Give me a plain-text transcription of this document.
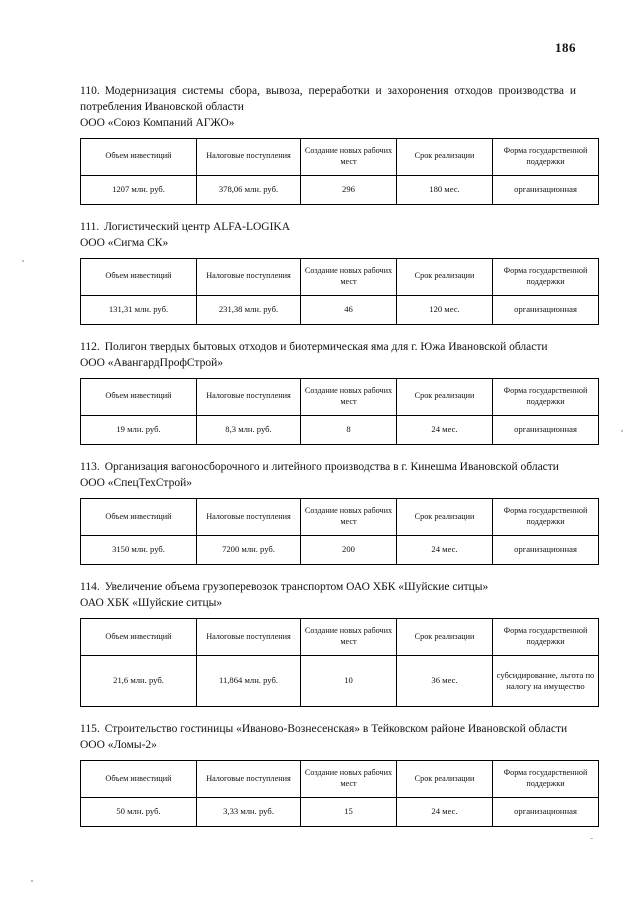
186

110. Модернизация системы сбора, вывоза, переработки и захоронения отходов производства и потребления Ивановской области

ООО «Союз Компаний АГЖО»
Объем инвестиций	Налоговые поступления	Создание новых рабочих мест	Срок реализации	Форма государственной поддержки
1207 млн. руб.	378,06 млн. руб.	296	180 мес.	организационная

111. Логистический центр ALFA-LOGIKA

ООО «Сигма СК»
Объем инвестиций	Налоговые поступления	Создание новых рабочих мест	Срок реализации	Форма государственной поддержки
131,31 млн. руб.	231,38 млн. руб.	46	120 мес.	организационная

112. Полигон твердых бытовых отходов и биотермическая яма для г. Южа Ивановской области

ООО «АвангардПрофСтрой»
Объем инвестиций	Налоговые поступления	Создание новых рабочих мест	Срок реализации	Форма государственной поддержки
19 млн. руб.	8,3 млн. руб.	8	24 мес.	организационная

113. Организация вагоносборочного и литейного производства в г. Кинешма Ивановской области

ООО «СпецТехСтрой»
Объем инвестиций	Налоговые поступления	Создание новых рабочих мест	Срок реализации	Форма государственной поддержки
3150 млн. руб.	7200 млн. руб.	200	24 мес.	организационная

114. Увеличение объема грузоперевозок транспортом ОАО ХБК «Шуйские ситцы»

ОАО ХБК «Шуйские ситцы»
Объем инвестиций	Налоговые поступления	Создание новых рабочих мест	Срок реализации	Форма государственной поддержки
21,6 млн. руб.	11,864 млн. руб.	10	36 мес.	субсидирование, льгота по налогу на имущество

115. Строительство гостиницы «Иваново-Вознесенская» в Тейковском районе Ивановской области

ООО «Ломы-2»
Объем инвестиций	Налоговые поступления	Создание новых рабочих мест	Срок реализации	Форма государственной поддержки
50 млн. руб.	3,33 млн. руб.	15	24 мес.	организационная
